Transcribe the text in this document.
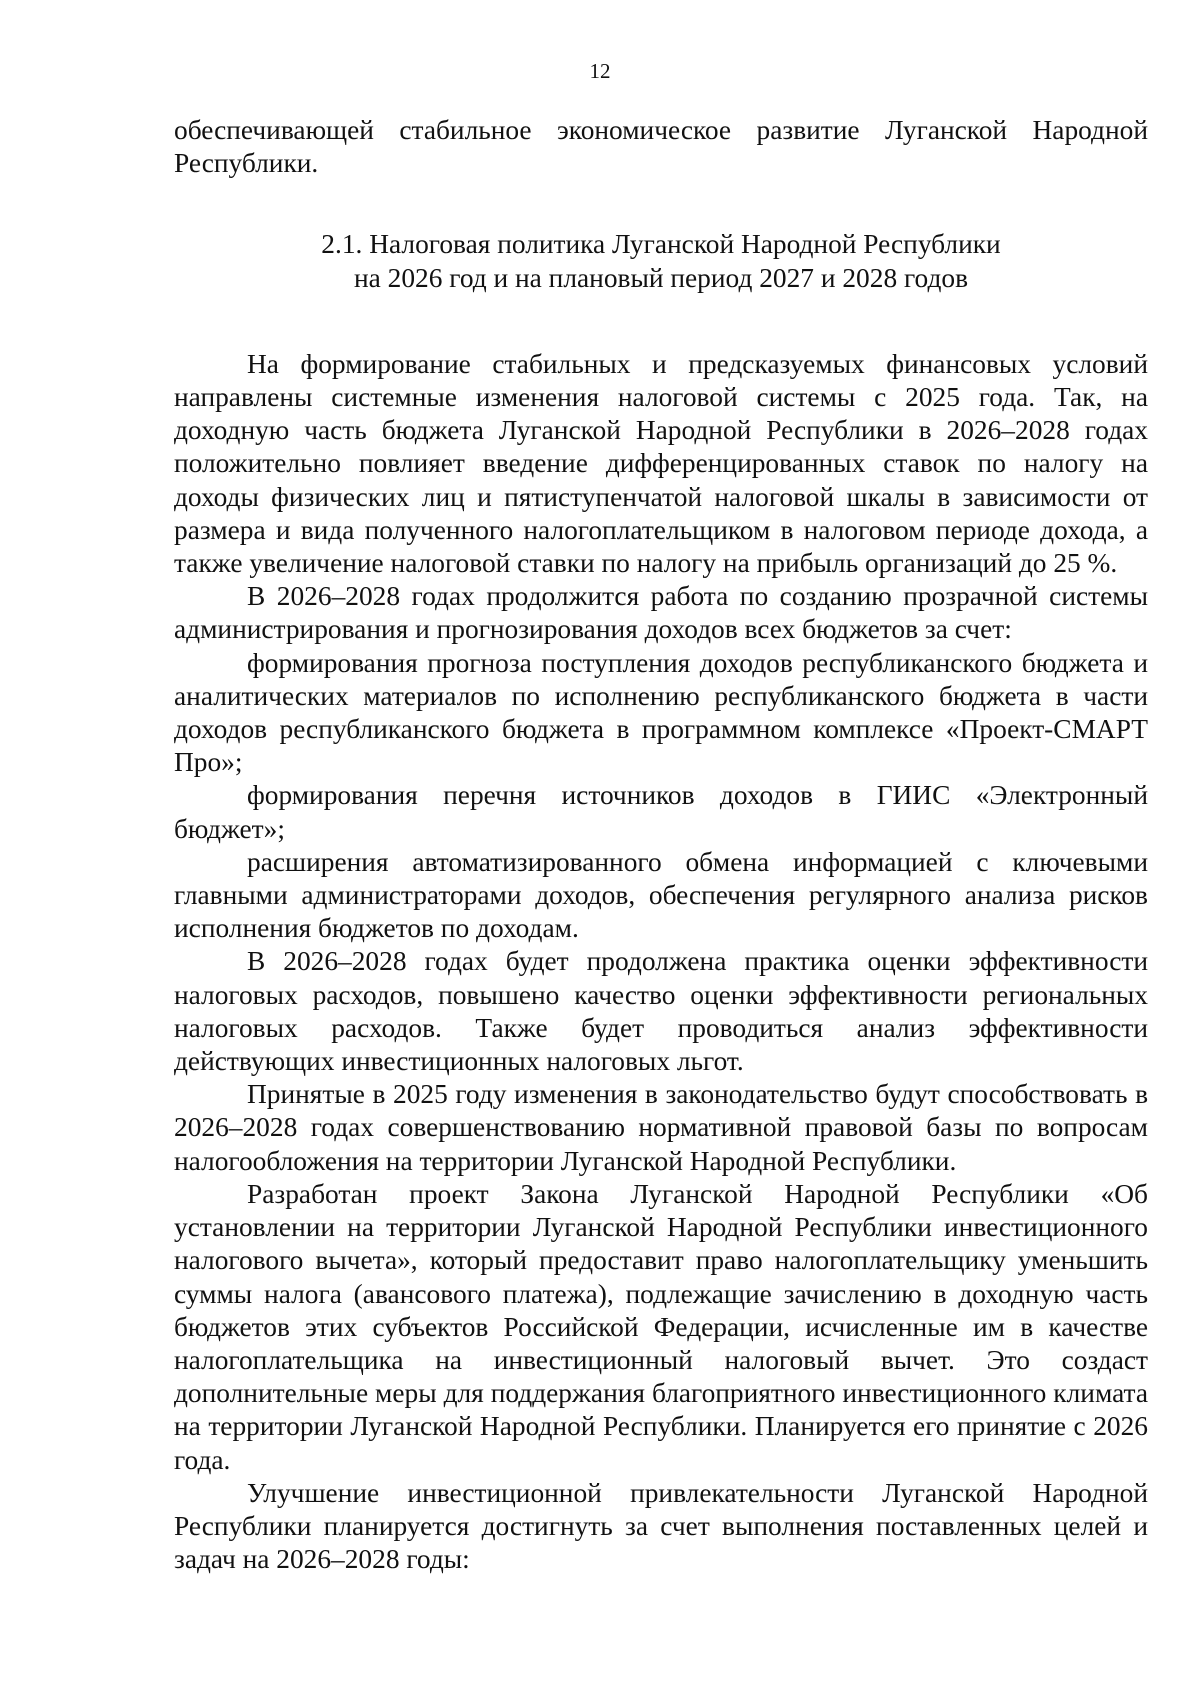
12

обеспечивающей стабильное экономическое развитие Луганской Народной Республики.

2.1. Налоговая политика Луганской Народной Республики
на 2026 год и на плановый период 2027 и 2028 годов

На формирование стабильных и предсказуемых финансовых условий направлены системные изменения налоговой системы с 2025 года. Так, на доходную часть бюджета Луганской Народной Республики в 2026–2028 годах положительно повлияет введение дифференцированных ставок по налогу на доходы физических лиц и пятиступенчатой налоговой шкалы в зависимости от размера и вида полученного налогоплательщиком в налоговом периоде дохода, а также увеличение налоговой ставки по налогу на прибыль организаций до 25 %.

В 2026–2028 годах продолжится работа по созданию прозрачной системы администрирования и прогнозирования доходов всех бюджетов за счет:

формирования прогноза поступления доходов республиканского бюджета и аналитических материалов по исполнению республиканского бюджета в части доходов республиканского бюджета в программном комплексе «Проект-СМАРТ Про»;

формирования перечня источников доходов в ГИИС «Электронный бюджет»;

расширения автоматизированного обмена информацией с ключевыми главными администраторами доходов, обеспечения регулярного анализа рисков исполнения бюджетов по доходам.

В 2026–2028 годах будет продолжена практика оценки эффективности налоговых расходов, повышено качество оценки эффективности региональных налоговых расходов. Также будет проводиться анализ эффективности действующих инвестиционных налоговых льгот.

Принятые в 2025 году изменения в законодательство будут способствовать в 2026–2028 годах совершенствованию нормативной правовой базы по вопросам налогообложения на территории Луганской Народной Республики.

Разработан проект Закона Луганской Народной Республики «Об установлении на территории Луганской Народной Республики инвестиционного налогового вычета», который предоставит право налогоплательщику уменьшить суммы налога (авансового платежа), подлежащие зачислению в доходную часть бюджетов этих субъектов Российской Федерации, исчисленные им в качестве налогоплательщика на инвестиционный налоговый вычет. Это создаст дополнительные меры для поддержания благоприятного инвестиционного климата на территории Луганской Народной Республики. Планируется его принятие с 2026 года.

Улучшение инвестиционной привлекательности Луганской Народной Республики планируется достигнуть за счет выполнения поставленных целей и задач на 2026–2028 годы:
